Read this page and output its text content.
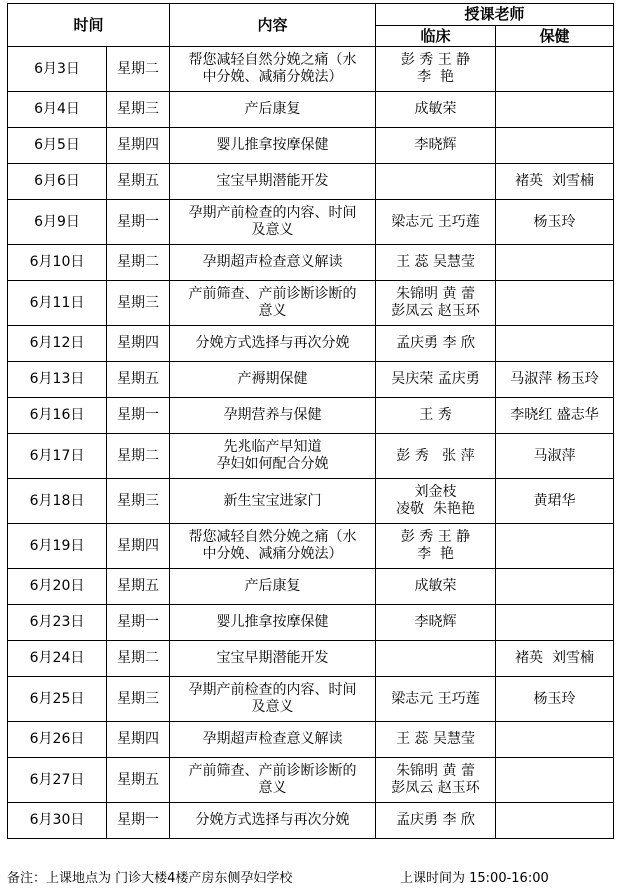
时间		内容	授课老师	
			临床	保健
6月3日	星期二	帮您减轻自然分娩之痛（水
中分娩、减痛分娩法）	彭 秀 王 静
李  艳	

6月4日	星期三	产后康复	成敏荣	

6月5日	星期四	婴儿推拿按摩保健	李晓辉	

6月6日	星期五	宝宝早期潜能开发		褚英  刘雪楠

6月9日	星期一	孕期产前检查的内容、时间
及意义	梁志元 王巧莲	杨玉玲

6月10日	星期二	孕期超声检查意义解读	王 蕊 吴慧莹	

6月11日	星期三	产前筛查、产前诊断诊断的
意义	朱锦明 黄 蕾
彭凤云 赵玉环	

6月12日	星期四	分娩方式选择与再次分娩	孟庆勇 李 欣	

6月13日	星期五	产褥期保健	吴庆荣 孟庆勇	马淑萍 杨玉玲

6月16日	星期一	孕期营养与保健	王 秀	李晓红 盛志华

6月17日	星期二	先兆临产早知道
孕妇如何配合分娩	彭 秀   张 萍	马淑萍

6月18日	星期三	新生宝宝进家门	刘金枝
凌敬  朱艳艳	黄珺华

6月19日	星期四	帮您减轻自然分娩之痛（水
中分娩、减痛分娩法）	彭 秀 王 静
李  艳	

6月20日	星期五	产后康复	成敏荣	

6月23日	星期一	婴儿推拿按摩保健	李晓辉	

6月24日	星期二	宝宝早期潜能开发		褚英  刘雪楠

6月25日	星期三	孕期产前检查的内容、时间
及意义	梁志元 王巧莲	杨玉玲

6月26日	星期四	孕期超声检查意义解读	王 蕊 吴慧莹	

6月27日	星期五	产前筛查、产前诊断诊断的
意义	朱锦明 黄 蕾
彭凤云 赵玉环	

6月30日	星期一	分娩方式选择与再次分娩	孟庆勇 李 欣	

备注：上课地点为 门诊大楼4楼产房东侧孕妇学校	上课时间为 15:00-16:00
